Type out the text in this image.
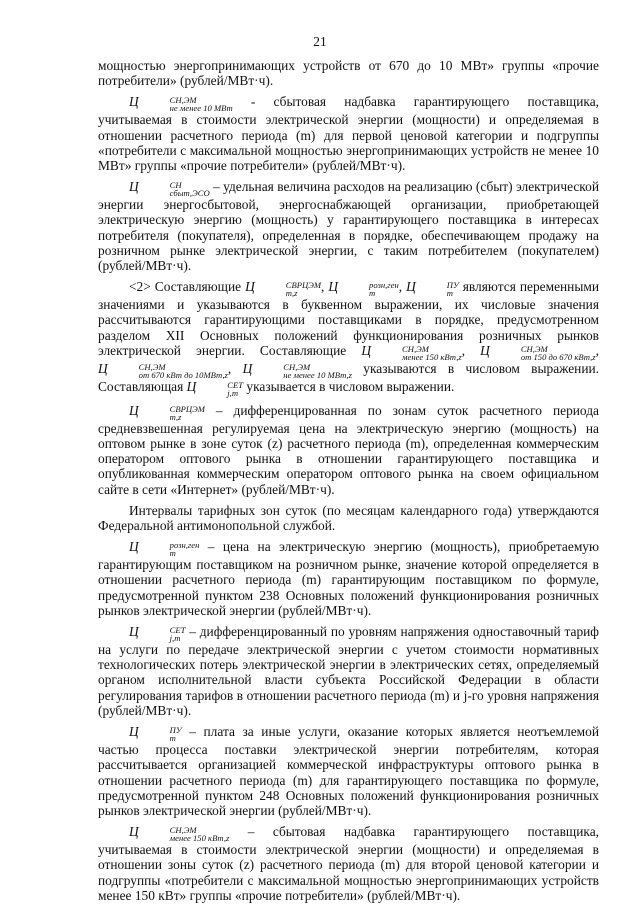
21

мощностью энергопринимающих устройств от 670 до 10 МВт» группы «прочие потребители» (рублей/МВт·ч).

Ц	СН,ЭМ
не менее 10 МВт - сбытовая надбавка гарантирующего поставщика, учитываемая в стоимости электрической энергии (мощности) и определяемая в отношении расчетного периода (m) для первой ценовой категории и подгруппы «потребители с максимальной мощностью энергопринимающих устройств не менее 10 МВт» группы «прочие потребители» (рублей/МВт·ч).

Ц	СН
сбыт,ЭСО – удельная величина расходов на реализацию (сбыт) электрической энергии энергосбытовой, энергоснабжающей организации, приобретающей электрическую энергию (мощность) у гарантирующего поставщика в интересах потребителя (покупателя), определенная в порядке, обеспечивающем продажу на розничном рынке электрической энергии, с таким потребителем (покупателем) (рублей/МВт·ч).

<2> Составляющие Ц	СВРЦЭМ
m,z	, Ц	розн,ген
m	, Ц	ПУ
m являются переменными значениями и указываются в буквенном выражении, их числовые значения рассчитываются гарантирующими поставщиками в порядке, предусмотренном разделом XII Основных положений функционирования розничных рынков электрической энергии. Составляющие Ц	СН,ЭМ
менее 150 кВт,z , Ц	СН,ЭМ
от 150 до 670 кВт,z , Ц	СН,ЭМ
от 670 кВт до 10МВт,z , Ц	СН,ЭМ
не менее 10 МВт,z указываются в числовом выражении. Составляющая Ц	СЕТ
j,m указывается в числовом выражении.

Ц	СВРЦЭМ
m,z	– дифференцированная по зонам суток расчетного периода средневзвешенная регулируемая цена на электрическую энергию (мощность) на оптовом рынке в зоне суток (z) расчетного периода (m), определенная коммерческим оператором оптового рынка в отношении гарантирующего поставщика и опубликованная коммерческим оператором оптового рынка на своем официальном сайте в сети «Интернет» (рублей/МВт·ч).

Интервалы тарифных зон суток (по месяцам календарного года) утверждаются Федеральной антимонопольной службой.

Ц	розн,ген
m	– цена на электрическую энергию (мощность), приобретаемую гарантирующим поставщиком на розничном рынке, значение которой определяется в отношении расчетного периода (m) гарантирующим поставщиком по формуле, предусмотренной пунктом 238 Основных положений функционирования розничных рынков электрической энергии (рублей/МВт·ч).

Ц	СЕТ
j,m – дифференцированный по уровням напряжения одноставочный тариф на услуги по передаче электрической энергии с учетом стоимости нормативных технологических потерь электрической энергии в электрических сетях, определяемый органом исполнительной власти субъекта Российской Федерации в области регулирования тарифов в отношении расчетного периода (m) и j-го уровня напряжения (рублей/МВт·ч).

Ц	ПУ
m – плата за иные услуги, оказание которых является неотъемлемой частью процесса поставки электрической энергии потребителям, которая рассчитывается организацией коммерческой инфраструктуры оптового рынка в отношении расчетного периода (m) для гарантирующего поставщика по формуле, предусмотренной пунктом 248 Основных положений функционирования розничных рынков электрической энергии (рублей/МВт·ч).

Ц	СН,ЭМ
менее 150 кВт,z – сбытовая надбавка гарантирующего поставщика, учитываемая в стоимости электрической энергии (мощности) и определяемая в отношении зоны суток (z) расчетного периода (m) для второй ценовой категории и подгруппы «потребители с максимальной мощностью энергопринимающих устройств менее 150 кВт» группы «прочие потребители» (рублей/МВт·ч).
